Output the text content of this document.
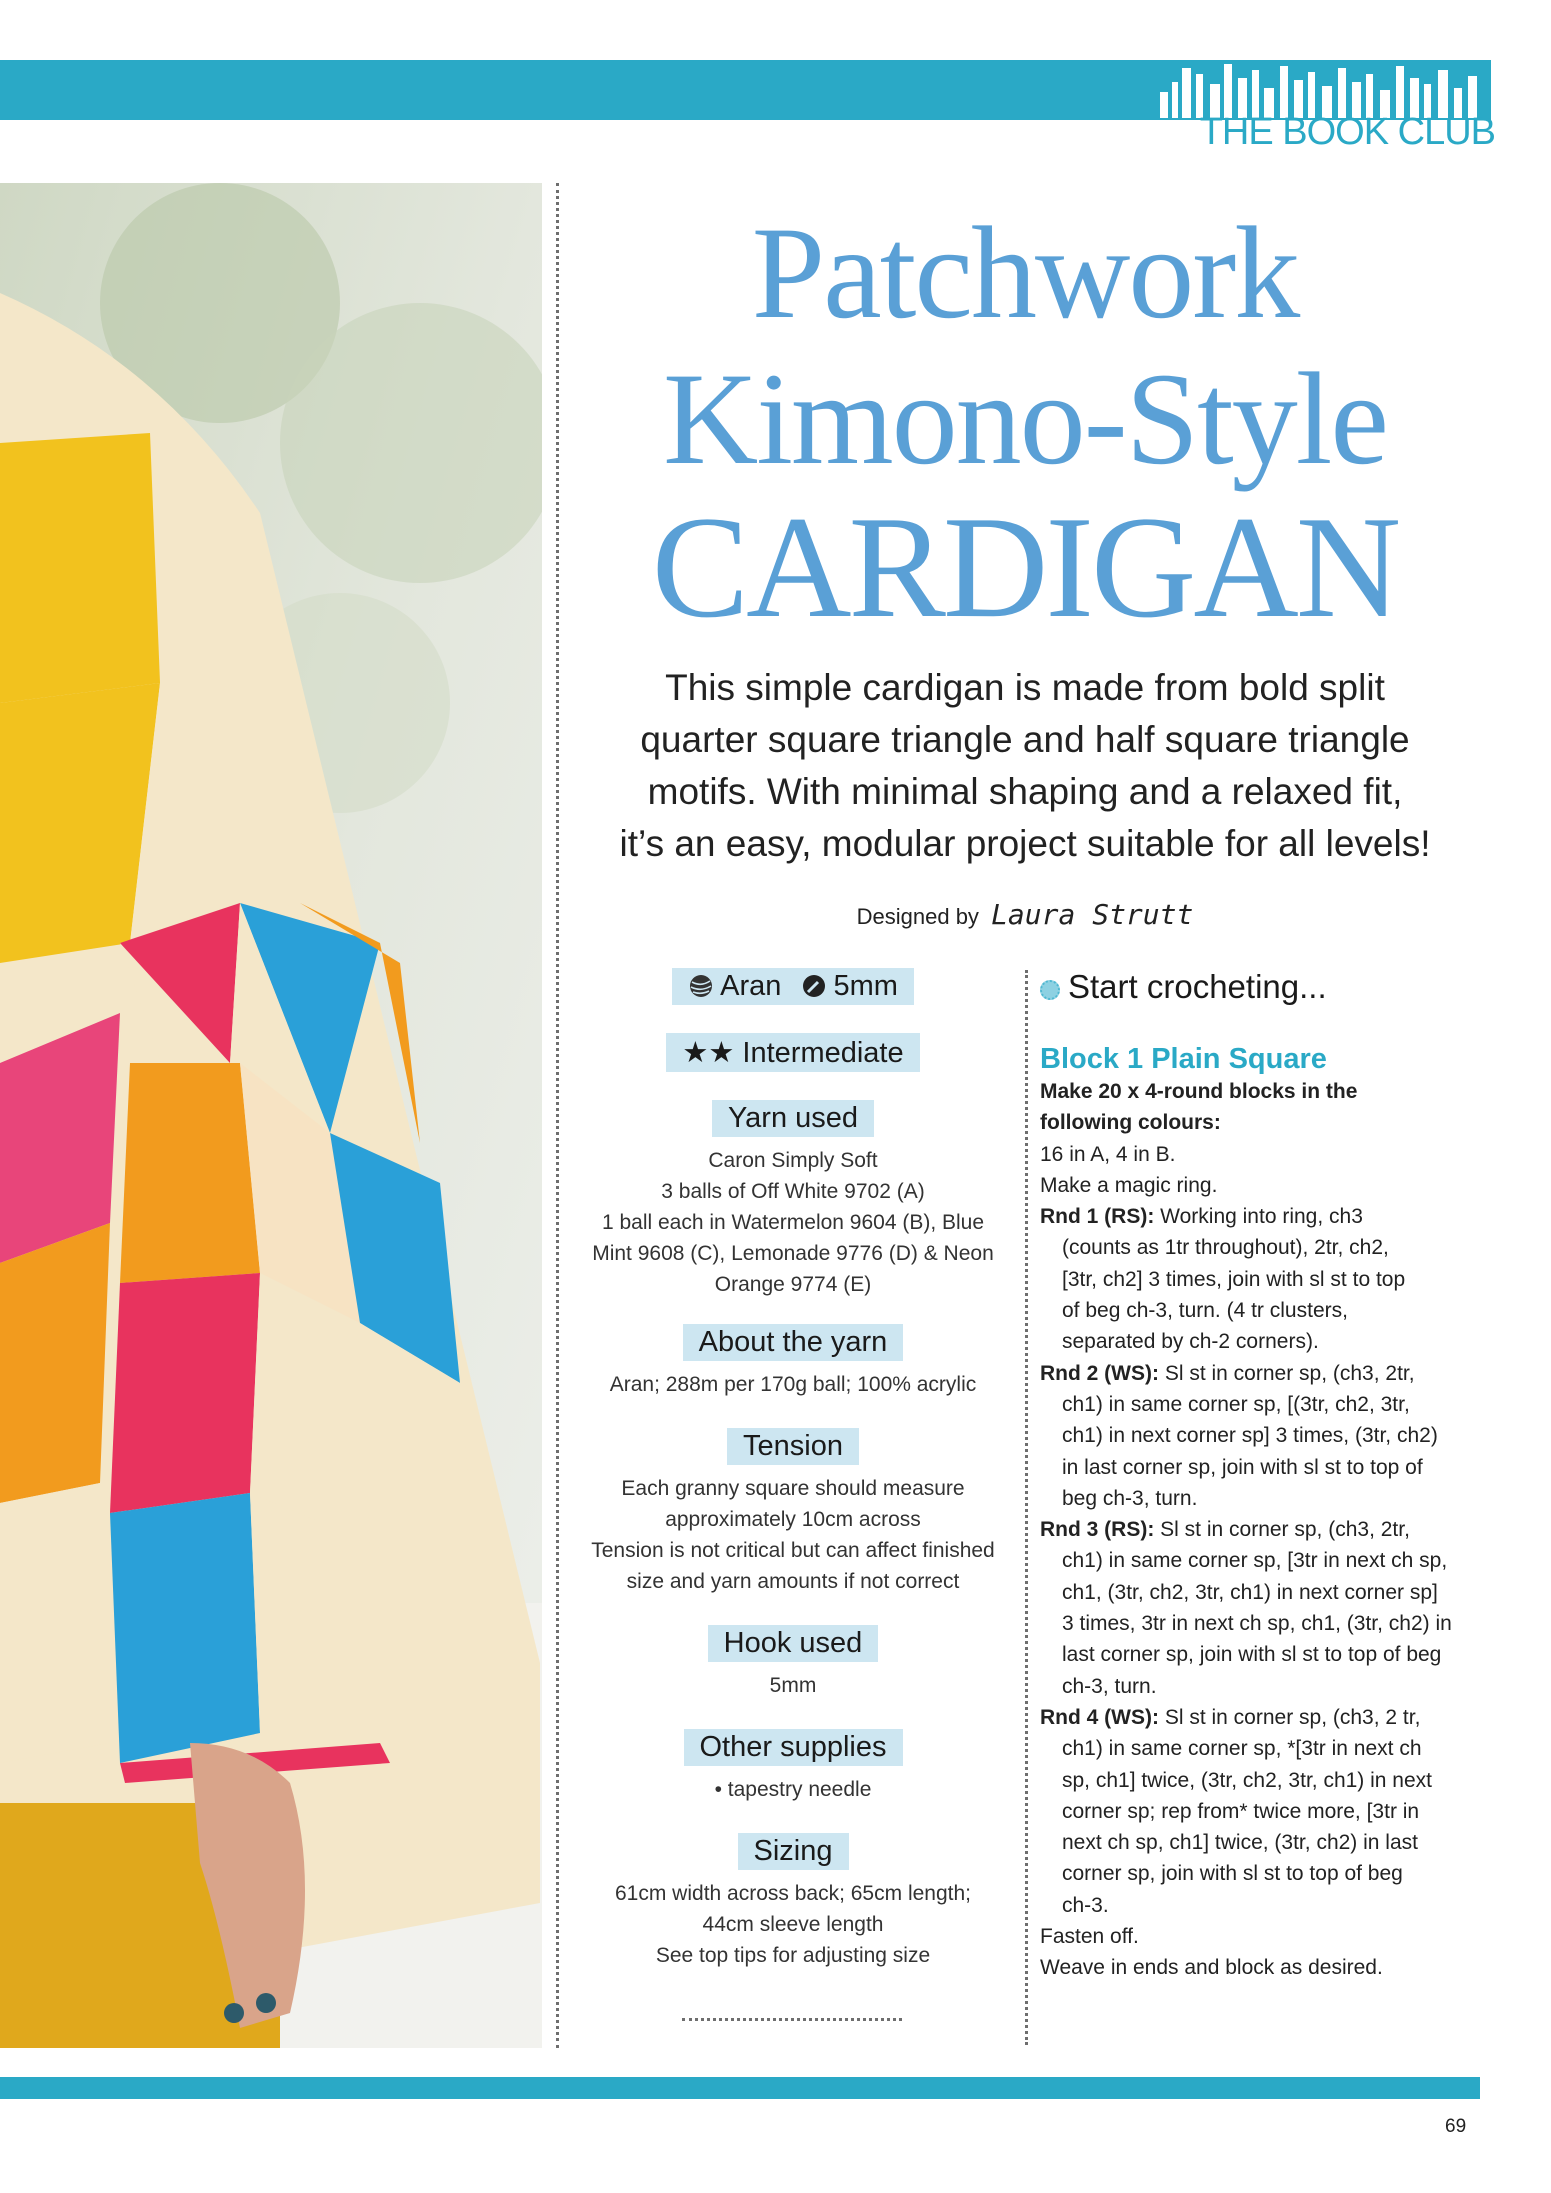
THE BOOK CLUB
Patchwork
Kimono-Style
CARDIGAN
This simple cardigan is made from bold split
quarter square triangle and half square triangle
motifs. With minimal shaping and a relaxed fit,
it’s an easy, modular project suitable for all levels!
Designed by Laura Strutt
Aran 5mm
★★ Intermediate
Yarn used
Caron Simply Soft
3 balls of Off White 9702 (A)
1 ball each in Watermelon 9604 (B), Blue
Mint 9608 (C), Lemonade 9776 (D) & Neon
Orange 9774 (E)
About the yarn
Aran; 288m per 170g ball; 100% acrylic
Tension
Each granny square should measure
approximately 10cm across
Tension is not critical but can affect finished
size and yarn amounts if not correct
Hook used
5mm
Other supplies
• tapestry needle
Sizing
61cm width across back; 65cm length;
44cm sleeve length
See top tips for adjusting size
Start crocheting...
Block 1 Plain Square

Make 20 x 4-round blocks in the

following colours:

16 in A, 4 in B.

Make a magic ring.

Rnd 1 (RS): Working into ring, ch3
(counts as 1tr throughout), 2tr, ch2,
[3tr, ch2] 3 times, join with sl st to top
of beg ch-3, turn. (4 tr clusters,
separated by ch-2 corners).

Rnd 2 (WS): Sl st in corner sp, (ch3, 2tr,
ch1) in same corner sp, [(3tr, ch2, 3tr,
ch1) in next corner sp] 3 times, (3tr, ch2)
in last corner sp, join with sl st to top of
beg ch-3, turn.

Rnd 3 (RS): Sl st in corner sp, (ch3, 2tr,
ch1) in same corner sp, [3tr in next ch sp,
ch1, (3tr, ch2, 3tr, ch1) in next corner sp]
3 times, 3tr in next ch sp, ch1, (3tr, ch2) in
last corner sp, join with sl st to top of beg
ch-3, turn.

Rnd 4 (WS): Sl st in corner sp, (ch3, 2 tr,
ch1) in same corner sp, *[3tr in next ch
sp, ch1] twice, (3tr, ch2, 3tr, ch1) in next
corner sp; rep from* twice more, [3tr in
next ch sp, ch1] twice, (3tr, ch2) in last
corner sp, join with sl st to top of beg
ch-3.

Fasten off.

Weave in ends and block as desired.

69
